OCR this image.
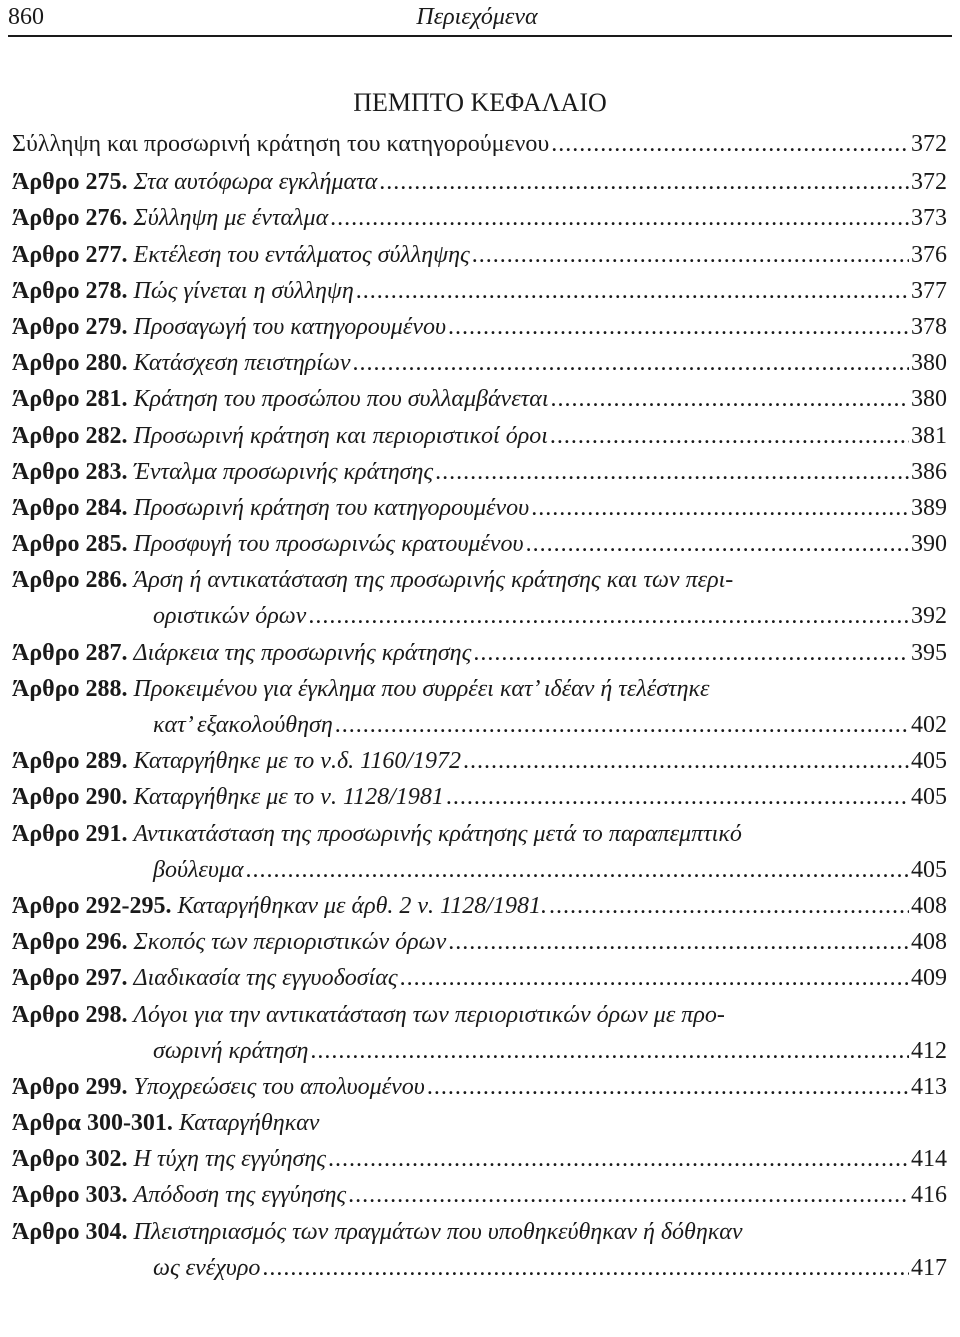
860	Περιεχόμενα
ΠΕΜΠΤΟ ΚΕΦΑΛΑΙΟ
Σύλληψη και προσωρινή κράτηση του κατηγορούμενου .....	372
Άρθρο 275. Στα αυτόφωρα εγκλήματα .....	372
Άρθρο 276. Σύλληψη με ένταλμα .....	373
Άρθρο 277. Εκτέλεση του εντάλματος σύλληψης .....	376
Άρθρο 278. Πώς γίνεται η σύλληψη .....	377
Άρθρο 279. Προσαγωγή του κατηγορουμένου .....	378
Άρθρο 280. Κατάσχεση πειστηρίων .....	380
Άρθρο 281. Κράτηση του προσώπου που συλλαμβάνεται .....	380
Άρθρο 282. Προσωρινή κράτηση και περιοριστικοί όροι .....	381
Άρθρο 283. Ένταλμα προσωρινής κράτησης .....	386
Άρθρο 284. Προσωρινή κράτηση του κατηγορουμένου .....	389
Άρθρο 285. Προσφυγή του προσωρινώς κρατουμένου .....	390
Άρθρο 286. Άρση ή αντικατάσταση της προσωρινής κράτησης και των περι-
οριστικών όρων .....	392
Άρθρο 287. Διάρκεια της προσωρινής κράτησης .....	395
Άρθρο 288. Προκειμένου για έγκλημα που συρρέει κατ’ ιδέαν ή τελέστηκε
κατ’ εξακολούθηση .....	402
Άρθρο 289. Καταργήθηκε με το ν.δ. 1160/1972 .....	405
Άρθρο 290. Καταργήθηκε με το ν. 1128/1981 .....	405
Άρθρο 291. Αντικατάσταση της προσωρινής κράτησης μετά το παραπεμπτικό
βούλευμα .....	405
Άρθρο 292-295. Καταργήθηκαν με άρθ. 2 ν. 1128/1981. .....	408
Άρθρο 296. Σκοπός των περιοριστικών όρων .....	408
Άρθρο 297. Διαδικασία της εγγυοδοσίας .....	409
Άρθρο 298. Λόγοι για την αντικατάσταση των περιοριστικών όρων με προ-
σωρινή κράτηση .....	412
Άρθρο 299. Υποχρεώσεις του απολυομένου .....	413
Άρθρα 300-301. Καταργήθηκαν
Άρθρο 302. Η τύχη της εγγύησης .....	414
Άρθρο 303. Απόδοση της εγγύησης .....	416
Άρθρο 304. Πλειστηριασμός των πραγμάτων που υποθηκεύθηκαν ή δόθηκαν
ως ενέχυρο .....	417
